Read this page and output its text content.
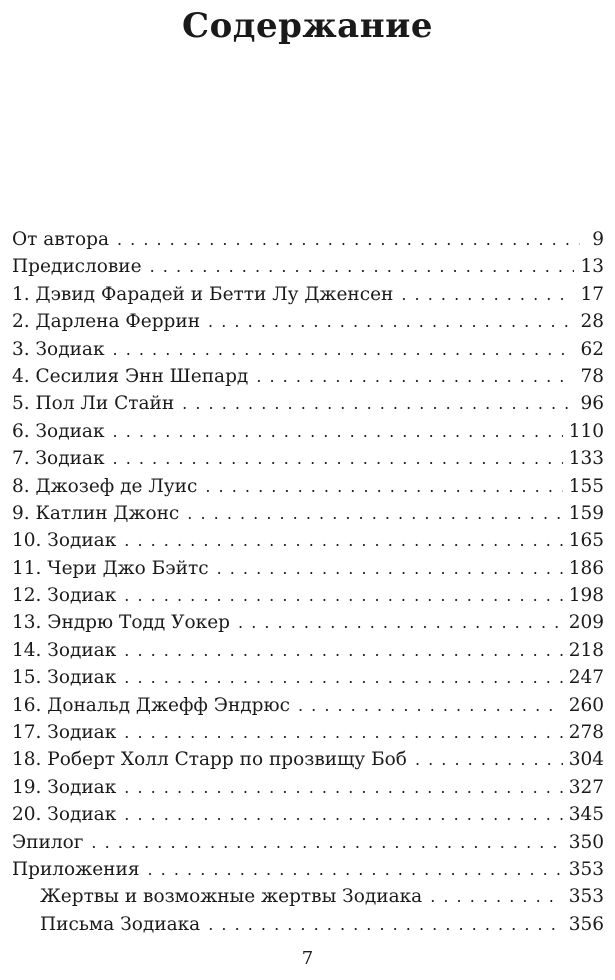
Содержание
От автора . . .	9
Предисловие . . .	13
1. Дэвид Фарадей и Бетти Лу Дженсен . . .	17
2. Дарлена Феррин . . .	28
3. Зодиак . . .	62
4. Сесилия Энн Шепард . . .	78
5. Пол Ли Стайн . . .	96
6. Зодиак . . .	110
7. Зодиак . . .	133
8. Джозеф де Луис . . .	155
9. Катлин Джонс . . .	159
10. Зодиак . . .	165
11. Чери Джо Бэйтс . . .	186
12. Зодиак . . .	198
13. Эндрю Тодд Уокер . . .	209
14. Зодиак . . .	218
15. Зодиак . . .	247
16. Дональд Джефф Эндрюс . . .	260
17. Зодиак . . .	278
18. Роберт Холл Старр по прозвищу Боб . . .	304
19. Зодиак . . .	327
20. Зодиак . . .	345
Эпилог . . .	350
Приложения . . .	353
Жертвы и возможные жертвы Зодиака . . .	353
Письма Зодиака . . .	356
7
